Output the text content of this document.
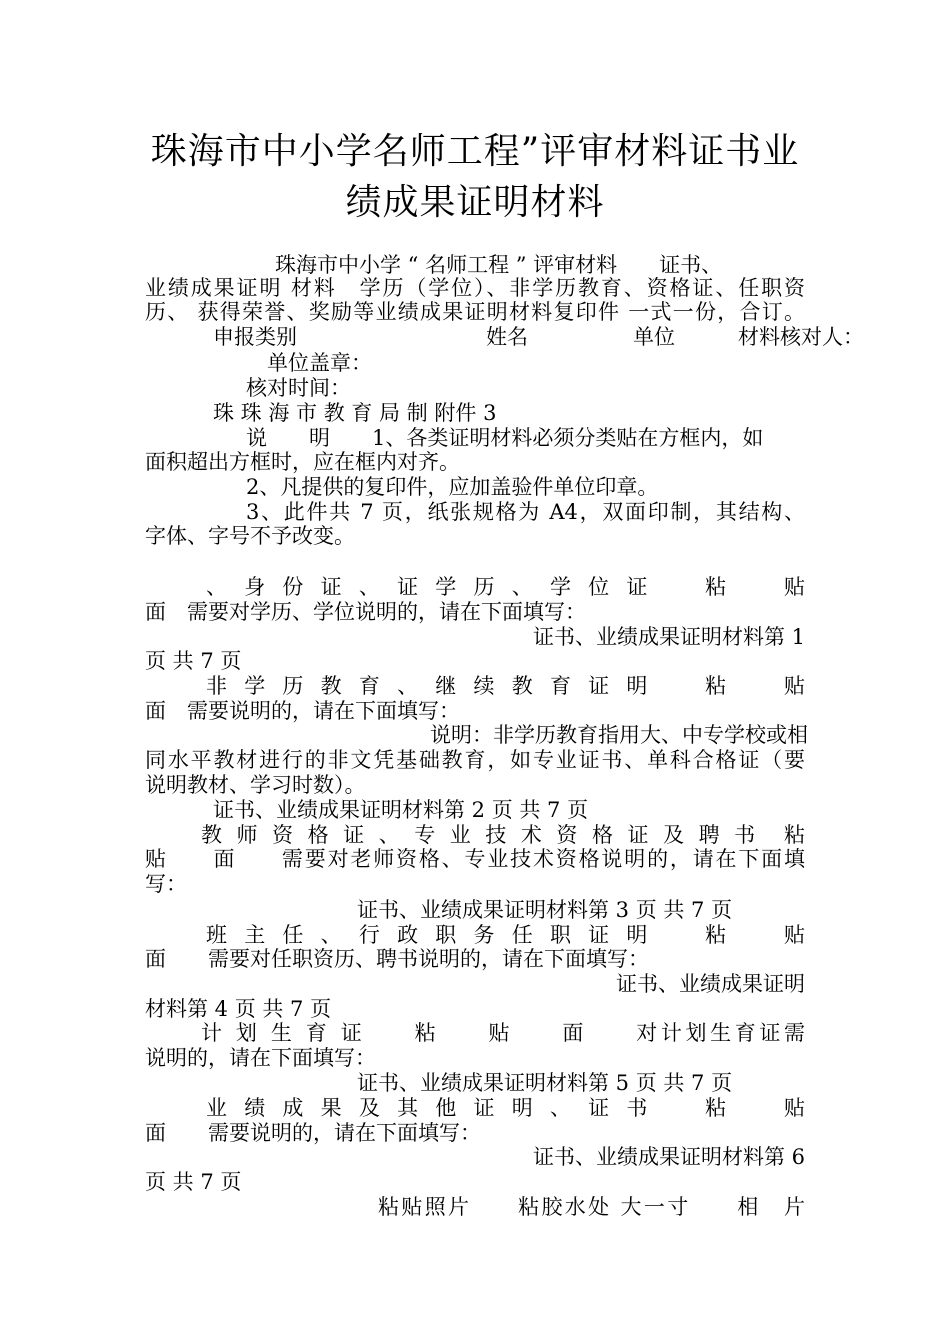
珠海市中小学名师工程”评审材料证书业
绩成果证明材料
珠海市中小学 “ 名师工程 ” 评审材料　　证书、
业绩成果证明 材料　学历（学位）、非学历教育、资格证、任职资
历、 获得荣誉、奖励等业绩成果证明材料复印件 一式一份，合订。
申报类别　　　　　　　　　姓名　　　　　单位　　　材料核对人：
单位盖章：
核对时间：
珠 珠 海 市 教 育 局 制 附件 3
说　　明　　1、各类证明材料必须分类贴在方框内，如
面积超出方框时，应在框内对齐。
2、凡提供的复印件，应加盖验件单位印章。
3、此件共 7 页，纸张规格为 A4，双面印制，其结构、
字体、字号不予改变。
、 身 份 证 、 证 学 历 、 学 位 证　　粘　　贴
面　需要对学历、学位说明的，请在下面填写：
证书、业绩成果证明材料第 1
页 共 7 页
非 学 历 教 育 、 继 续 教 育 证 明　　粘　　贴
面　需要说明的，请在下面填写：
说明：非学历教育指用大、中专学校或相
同水平教材进行的非文凭基础教育，如专业证书、单科合格证（要
说明教材、学习时数）。
证书、业绩成果证明材料第 2 页 共 7 页
教 师 资 格 证 、 专 业 技 术 资 格 证 及 聘 书　粘
贴　　面　　需要对老师资格、专业技术资格说明的，请在下面填
写：
证书、业绩成果证明材料第 3 页 共 7 页
班 主 任 、 行 政 职 务 任 职 证 明　　粘　　贴
面　　需要对任职资历、聘书说明的，请在下面填写：
证书、业绩成果证明
材料第 4 页 共 7 页
计 划 生 育 证　　粘　　贴　　面　　对计划生育证需
说明的，请在下面填写：
证书、业绩成果证明材料第 5 页 共 7 页
业 绩 成 果 及 其 他 证 明 、 证 书　　粘　　贴
面　　需要说明的，请在下面填写：
证书、业绩成果证明材料第 6
页 共 7 页
粘贴照片　　粘胶水处 大一寸　　相　片
